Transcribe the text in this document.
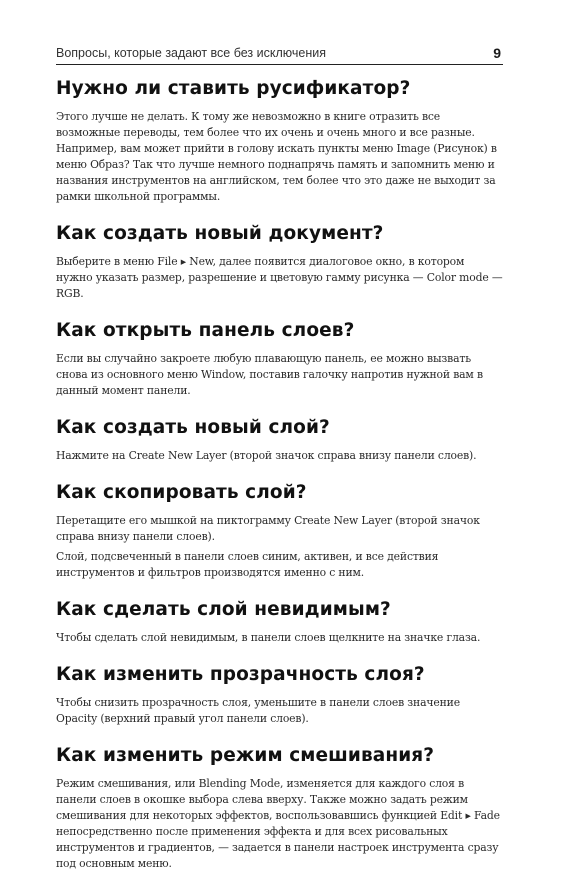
Вопросы, которые задают все без исключения	9
Нужно ли ставить русификатор?

Этого лучше не делать. К тому же невозможно в книге отразить все возможные переводы, тем более что их очень и очень много и все разные. Например, вам может прийти в голову искать пункты меню Image (Рисунок) в меню Образ? Так что лучше немного поднапрячь память и запомнить меню и названия инструментов на английском, тем более что это даже не выходит за рамки школьной программы.

Как создать новый документ?

Выберите в меню File ▸ New, далее появится диалоговое окно, в котором нужно указать размер, разрешение и цветовую гамму рисунка — Color mode — RGB.

Как открыть панель слоев?

Если вы случайно закроете любую плавающую панель, ее можно вызвать снова из основного меню Window, поставив галочку напротив нужной вам в данный момент панели.

Как создать новый слой?

Нажмите на Create New Layer (второй значок справа внизу панели слоев).

Как скопировать слой?

Перетащите его мышкой на пиктограмму Create New Layer (второй значок справа внизу панели слоев).

Слой, подсвеченный в панели слоев синим, активен, и все действия инструментов и фильтров производятся именно с ним.

Как сделать слой невидимым?

Чтобы сделать слой невидимым, в панели слоев щелкните на значке глаза.

Как изменить прозрачность слоя?

Чтобы снизить прозрачность слоя, уменьшите в панели слоев значение Opacity (верхний правый угол панели слоев).

Как изменить режим смешивания?

Режим смешивания, или Blending Mode, изменяется для каждого слоя в панели слоев в окошке выбора слева вверху. Также можно задать режим смешивания для некоторых эффектов, воспользовавшись функцией Edit ▸ Fade непосредственно после применения эффекта и для всех рисовальных инструментов и градиентов, — задается в панели настроек инструмента сразу под основным меню.
